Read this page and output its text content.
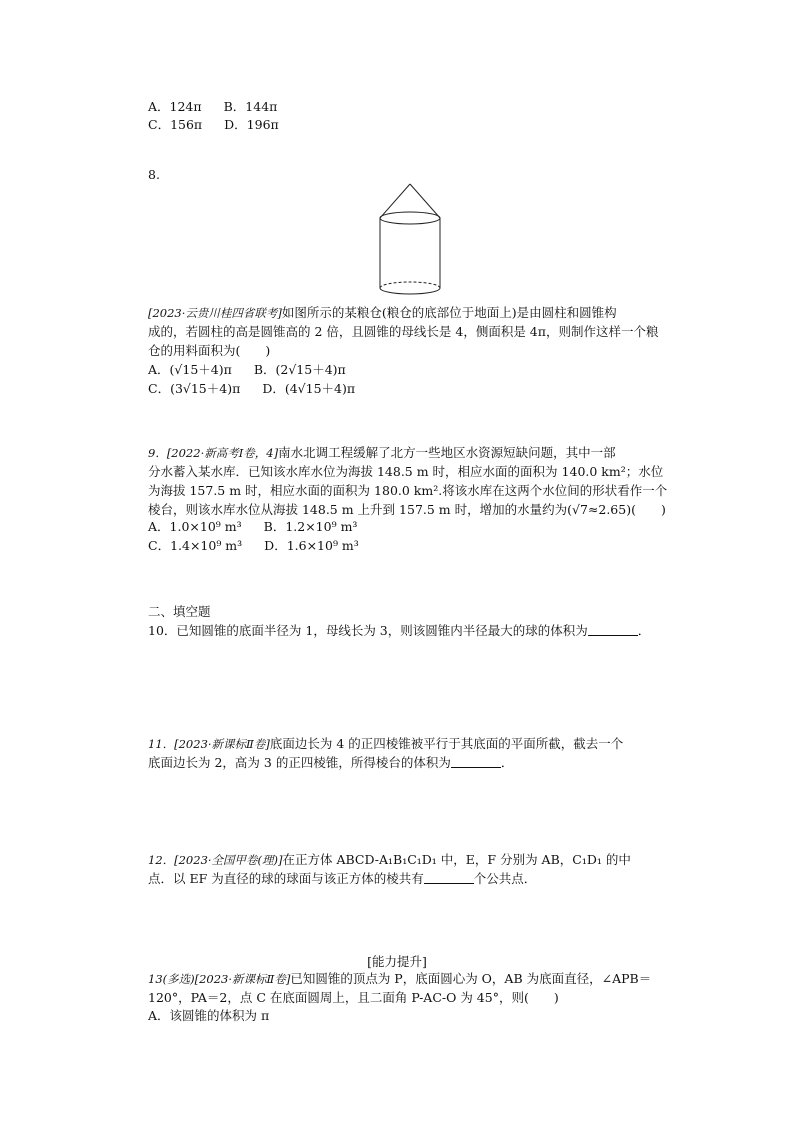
A．124π B．144π
C．156π D．196π
8.
[2023·云贵川桂四省联考]如图所示的某粮仓(粮仓的底部位于地面上)是由圆柱和圆锥构
成的，若圆柱的高是圆锥高的 2 倍，且圆锥的母线长是 4，侧面积是 4π，则制作这样一个粮
仓的用料面积为(　　)
A．(√15＋4)π B．(2√15＋4)π
C．(3√15＋4)π D．(4√15＋4)π
9．[2022·新高考Ⅰ卷，4]南水北调工程缓解了北方一些地区水资源短缺问题，其中一部
分水蓄入某水库．已知该水库水位为海拔 148.5 m 时，相应水面的面积为 140.0 km²；水位
为海拔 157.5 m 时，相应水面的面积为 180.0 km².将该水库在这两个水位间的形状看作一个
棱台，则该水库水位从海拔 148.5 m 上升到 157.5 m 时，增加的水量约为(√7≈2.65)(　　)
A．1.0×10⁹ m³ B．1.2×10⁹ m³
C．1.4×10⁹ m³ D．1.6×10⁹ m³
二、填空题
10．已知圆锥的底面半径为 1，母线长为 3，则该圆锥内半径最大的球的体积为	．
11．[2023·新课标Ⅱ卷]底面边长为 4 的正四棱锥被平行于其底面的平面所截，截去一个
底面边长为 2，高为 3 的正四棱锥，所得棱台的体积为	．
12．[2023·全国甲卷(理)]在正方体 ABCD-A₁B₁C₁D₁ 中，E，F 分别为 AB，C₁D₁ 的中
点．以 EF 为直径的球的球面与该正方体的棱共有	个公共点．
[能力提升]
13(多选)[2023·新课标Ⅱ卷]已知圆锥的顶点为 P，底面圆心为 O，AB 为底面直径，∠APB＝
120°，PA＝2，点 C 在底面圆周上，且二面角 P-AC-O 为 45°，则(　　)
A．该圆锥的体积为 π
